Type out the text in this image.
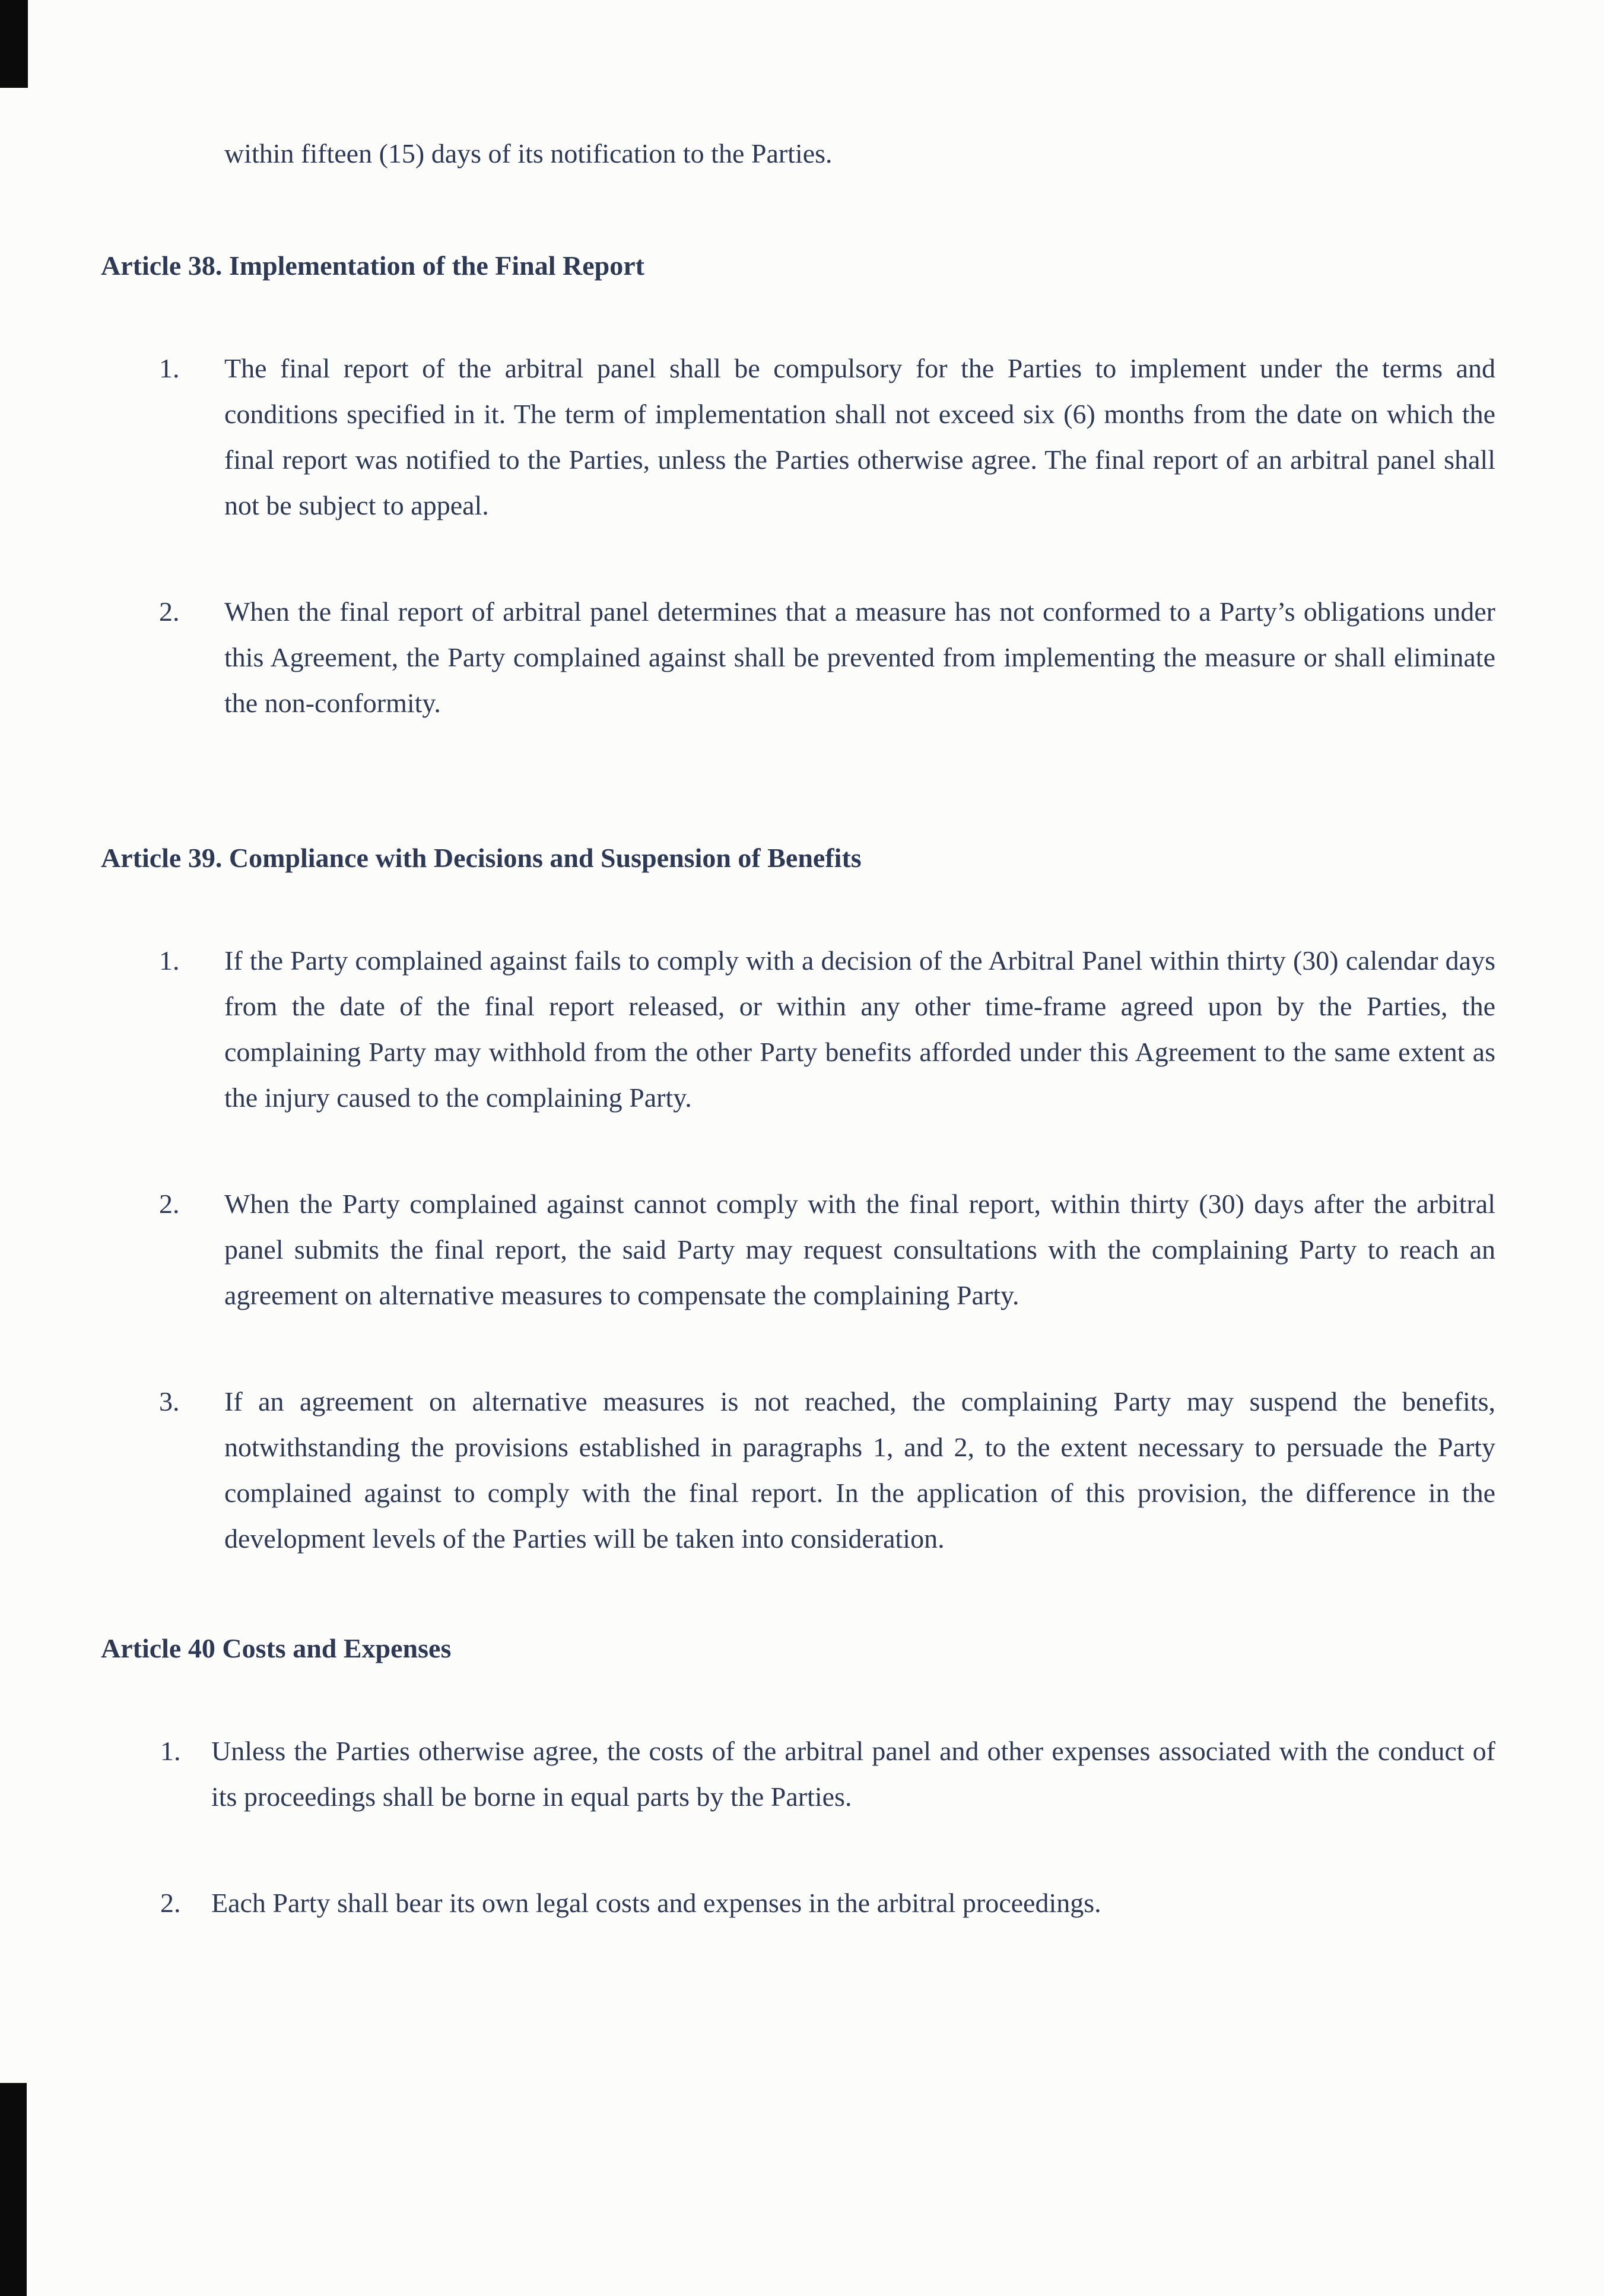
within fifteen (15) days of its notification to the Parties.

Article 38. Implementation of the Final Report
1.	The final report of the arbitral panel shall be compulsory for the Parties to implement under the terms and conditions specified in it. The term of implementation shall not exceed six (6) months from the date on which the final report was notified to the Parties, unless the Parties otherwise agree. The final report of an arbitral panel shall not be subject to appeal.

2.	When the final report of arbitral panel determines that a measure has not conformed to a Party’s obligations under this Agreement, the Party complained against shall be prevented from implementing the measure or shall eliminate the non-conformity.

Article 39. Compliance with Decisions and Suspension of Benefits
1.	If the Party complained against fails to comply with a decision of the Arbitral Panel within thirty (30) calendar days from the date of the final report released, or within any other time-frame agreed upon by the Parties, the complaining Party may withhold from the other Party benefits afforded under this Agreement to the same extent as the injury caused to the complaining Party.

2.	When the Party complained against cannot comply with the final report, within thirty (30) days after the arbitral panel submits the final report, the said Party may request consultations with the complaining Party to reach an agreement on alternative measures to compensate the complaining Party.

3.	If an agreement on alternative measures is not reached, the complaining Party may suspend the benefits, notwithstanding the provisions established in paragraphs 1, and 2, to the extent necessary to persuade the Party complained against to comply with the final report. In the application of this provision, the difference in the development levels of the Parties will be taken into consideration.

Article 40 Costs and Expenses
1.	Unless the Parties otherwise agree, the costs of the arbitral panel and other expenses associated with the conduct of its proceedings shall be borne in equal parts by the Parties.

2.	Each Party shall bear its own legal costs and expenses in the arbitral proceedings.
